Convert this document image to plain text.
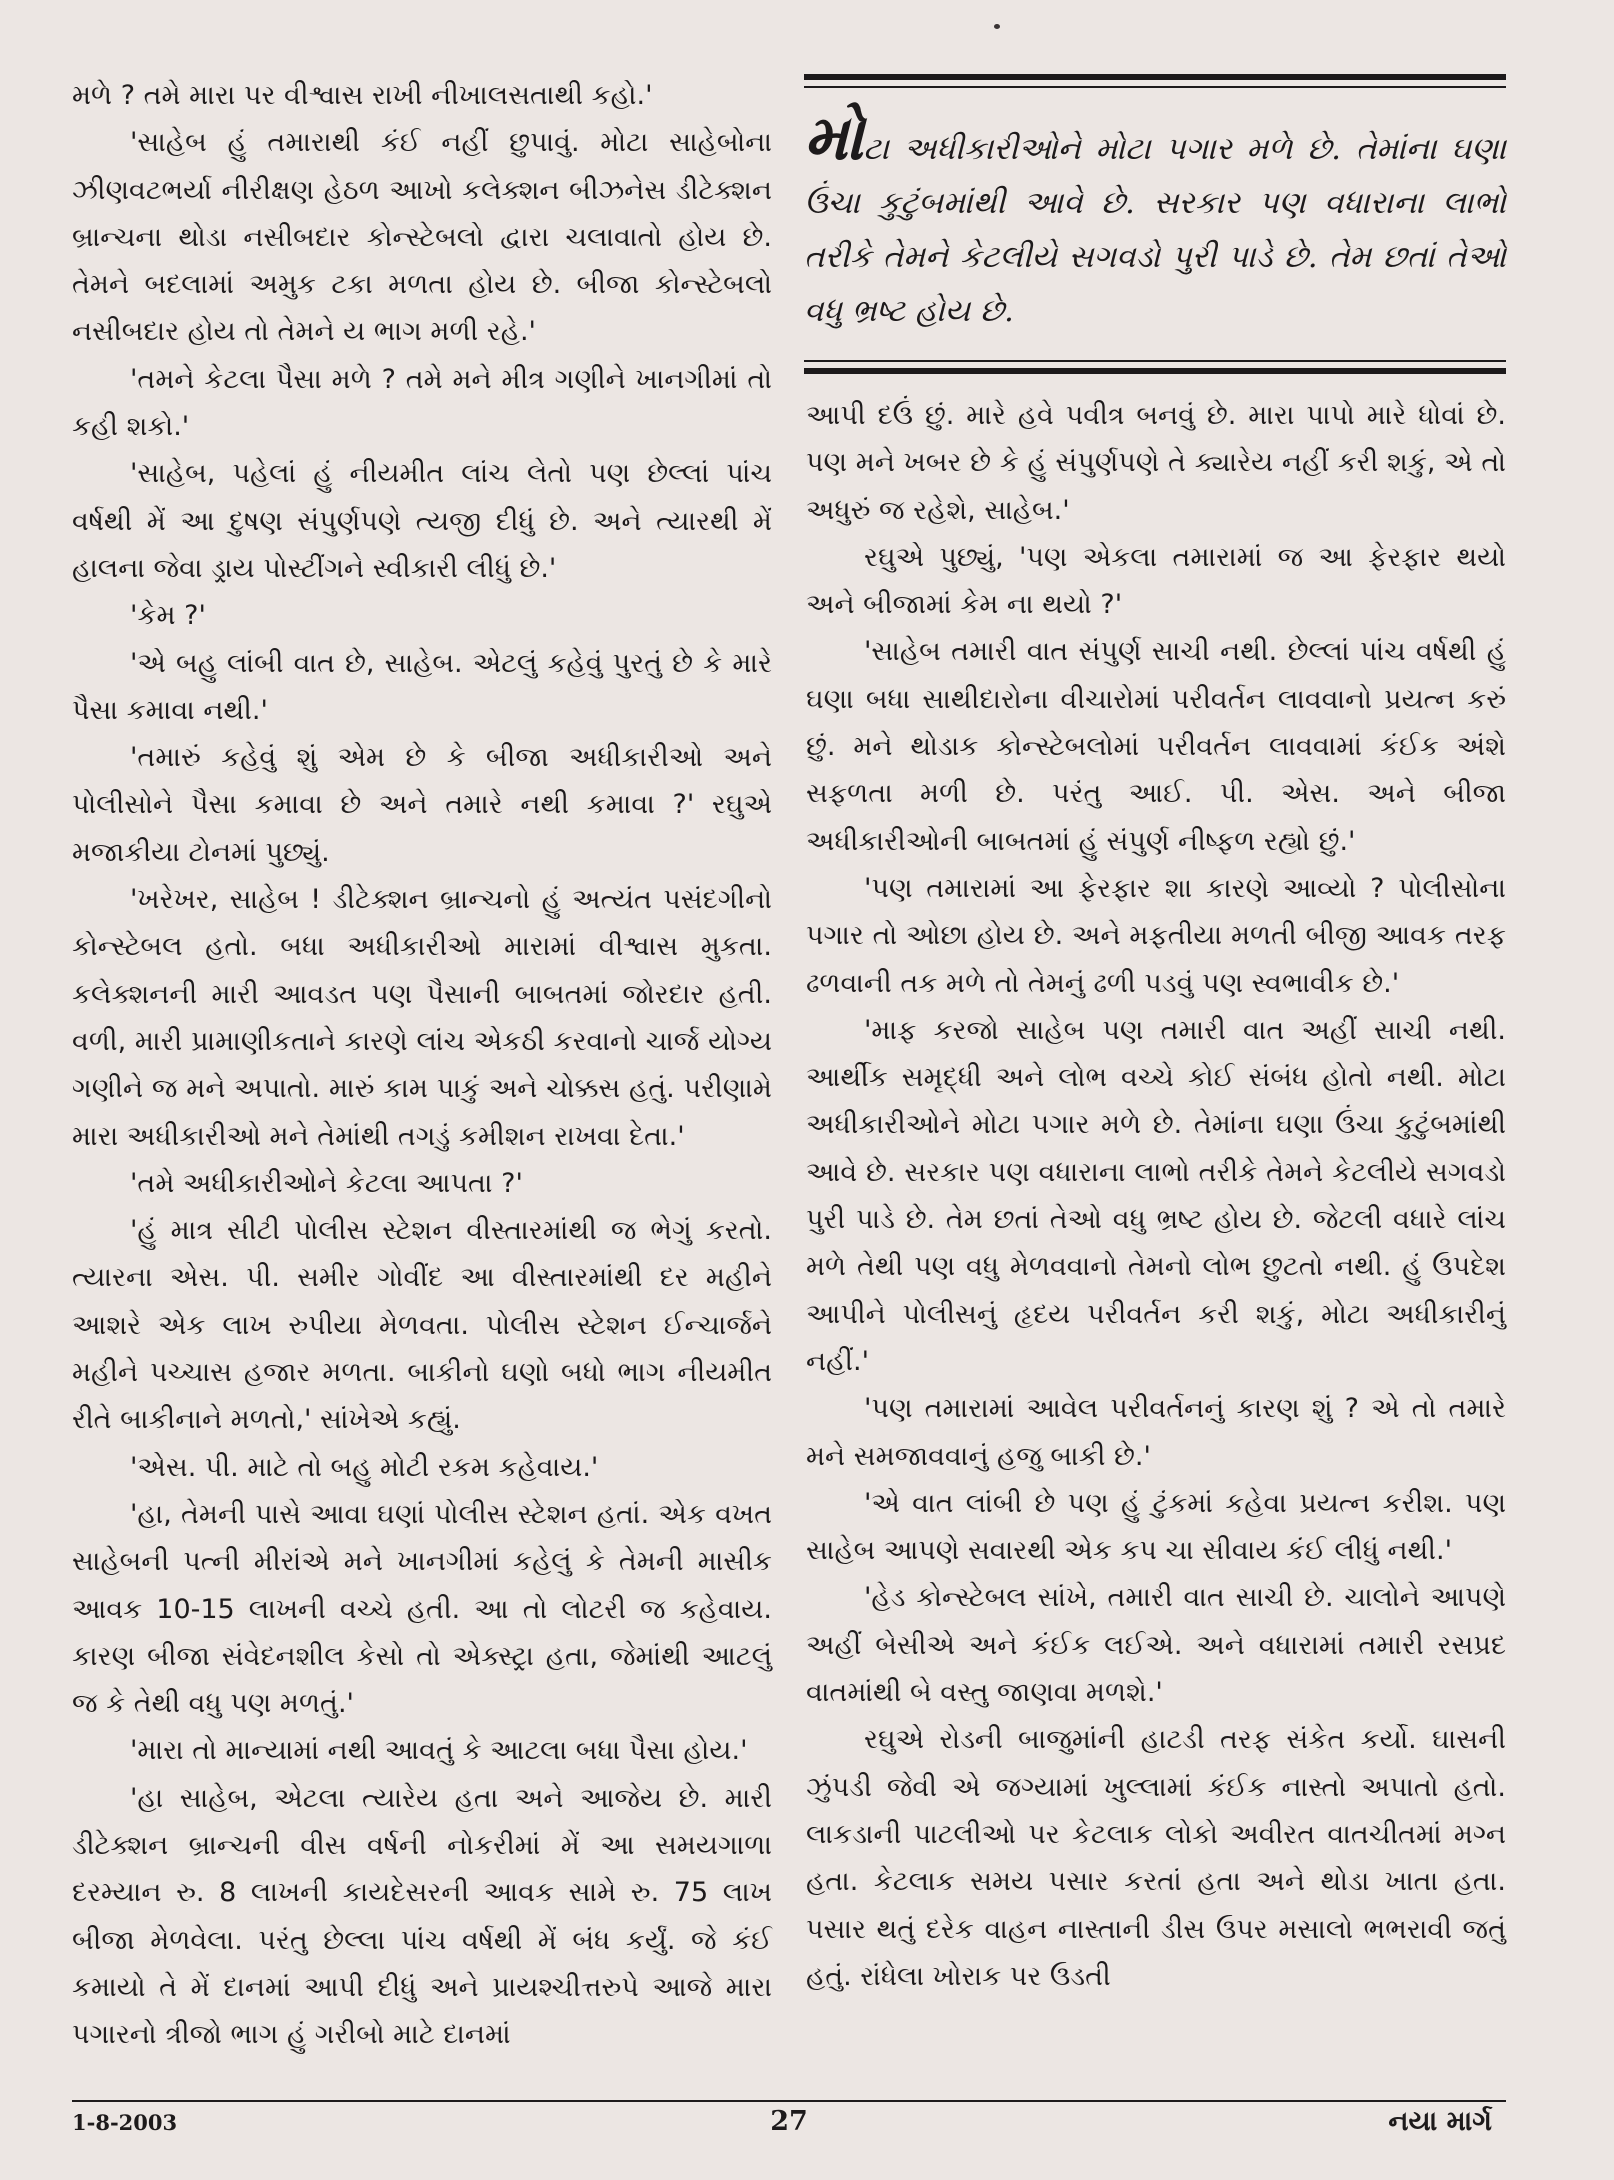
મળે ? તમે મારા પર વીશ્વાસ રાખી નીખાલસતાથી કહો.'

'સાહેબ હું તમારાથી કંઈ નહીં છુપાવું. મોટા સાહેબોના ઝીણવટભર્યા નીરીક્ષણ હેઠળ આખો કલેક્શન બીઝનેસ ડીટેક્શન બ્રાન્ચના થોડા નસીબદાર કોન્સ્ટેબલો દ્વારા ચલાવાતો હોય છે. તેમને બદલામાં અમુક ટકા મળતા હોય છે. બીજા કોન્સ્ટેબલો નસીબદાર હોય તો તેમને ય ભાગ મળી રહે.'

'તમને કેટલા પૈસા મળે ? તમે મને મીત્ર ગણીને ખાનગીમાં તો કહી શકો.'

'સાહેબ, પહેલાં હું નીયમીત લાંચ લેતો પણ છેલ્લાં પાંચ વર્ષથી મેં આ દુષણ સંપુર્ણપણે ત્યજી દીધું છે. અને ત્યારથી મેં હાલના જેવા ડ્રાય પોસ્ટીંગને સ્વીકારી લીધું છે.'

'કેમ ?'

'એ બહુ લાંબી વાત છે, સાહેબ. એટલું કહેવું પુરતું છે કે મારે પૈસા કમાવા નથી.'

'તમારું કહેવું શું એમ છે કે બીજા અધીકારીઓ અને પોલીસોને પૈસા કમાવા છે અને તમારે નથી કમાવા ?' રઘુએ મજાકીયા ટોનમાં પુછ્યું.

'ખરેખર, સાહેબ ! ડીટેક્શન બ્રાન્ચનો હું અત્યંત પસંદગીનો કોન્સ્ટેબલ હતો. બધા અધીકારીઓ મારામાં વીશ્વાસ મુકતા. કલેક્શનની મારી આવડત પણ પૈસાની બાબતમાં જોરદાર હતી. વળી, મારી પ્રામાણીકતાને કારણે લાંચ એકઠી કરવાનો ચાર્જ યોગ્ય ગણીને જ મને અપાતો. મારું કામ પાકું અને ચોક્કસ હતું. પરીણામે મારા અધીકારીઓ મને તેમાંથી તગડું કમીશન રાખવા દેતા.'

'તમે અધીકારીઓને કેટલા આપતા ?'

'હું માત્ર સીટી પોલીસ સ્ટેશન વીસ્તારમાંથી જ ભેગું કરતો. ત્યારના એસ. પી. સમીર ગોવીંદ આ વીસ્તારમાંથી દર મહીને આશરે એક લાખ રુપીયા મેળવતા. પોલીસ સ્ટેશન ઈન્ચાર્જને મહીને પચ્ચાસ હજાર મળતા. બાકીનો ઘણો બધો ભાગ નીયમીત રીતે બાકીનાને મળતો,' સાંખેએ કહ્યું.

'એસ. પી. માટે તો બહુ મોટી રકમ કહેવાય.'

'હા, તેમની પાસે આવા ઘણાં પોલીસ સ્ટેશન હતાં. એક વખત સાહેબની પત્ની મીરાંએ મને ખાનગીમાં કહેલું કે તેમની માસીક આવક 10-15 લાખની વચ્ચે હતી. આ તો લોટરી જ કહેવાય. કારણ બીજા સંવેદનશીલ કેસો તો એક્સ્ટ્રા હતા, જેમાંથી આટલું જ કે તેથી વધુ પણ મળતું.'

'મારા તો માન્યામાં નથી આવતું કે આટલા બધા પૈસા હોય.'

'હા સાહેબ, એટલા ત્યારેય હતા અને આજેય છે. મારી ડીટેક્શન બ્રાન્ચની વીસ વર્ષની નોકરીમાં મેં આ સમયગાળા દરમ્યાન રુ. 8 લાખની કાયદેસરની આવક સામે રુ. 75 લાખ બીજા મેળવેલા. પરંતુ છેલ્લા પાંચ વર્ષથી મેં બંધ કર્યું. જે કંઈ કમાયો તે મેં દાનમાં આપી દીધું અને પ્રાયશ્ચીત્તરુપે આજે મારા પગારનો ત્રીજો ભાગ હું ગરીબો માટે દાનમાં

મોટા અધીકારીઓને મોટા પગાર મળે છે. તેમાંના ઘણા ઉંચા કુટુંબમાંથી આવે છે. સરકાર પણ વધારાના લાભો તરીકે તેમને કેટલીયે સગવડો પુરી પાડે છે. તેમ છતાં તેઓ વધુ ભ્રષ્ટ હોય છે.

આપી દઉં છું. મારે હવે પવીત્ર બનવું છે. મારા પાપો મારે ધોવાં છે. પણ મને ખબર છે કે હું સંપુર્ણપણે તે ક્યારેય નહીં કરી શકું, એ તો અધુરું જ રહેશે, સાહેબ.'

રઘુએ પુછ્યું, 'પણ એકલા તમારામાં જ આ ફેરફાર થયો અને બીજામાં કેમ ના થયો ?'

'સાહેબ તમારી વાત સંપુર્ણ સાચી નથી. છેલ્લાં પાંચ વર્ષથી હું ઘણા બધા સાથીદારોના વીચારોમાં પરીવર્તન લાવવાનો પ્રયત્ન કરું છું. મને થોડાક કોન્સ્ટેબલોમાં પરીવર્તન લાવવામાં કંઈક અંશે સફળતા મળી છે. પરંતુ આઈ. પી. એસ. અને બીજા અધીકારીઓની બાબતમાં હું સંપુર્ણ નીષ્ફળ રહ્યો છું.'

'પણ તમારામાં આ ફેરફાર શા કારણે આવ્યો ? પોલીસોના પગાર તો ઓછા હોય છે. અને મફતીયા મળતી બીજી આવક તરફ ઢળવાની તક મળે તો તેમનું ઢળી પડવું પણ સ્વભાવીક છે.'

'માફ કરજો સાહેબ પણ તમારી વાત અહીં સાચી નથી. આર્થીક સમૃદ્ધી અને લોભ વચ્ચે કોઈ સંબંધ હોતો નથી. મોટા અધીકારીઓને મોટા પગાર મળે છે. તેમાંના ઘણા ઉંચા કુટુંબમાંથી આવે છે. સરકાર પણ વધારાના લાભો તરીકે તેમને કેટલીયે સગવડો પુરી પાડે છે. તેમ છતાં તેઓ વધુ ભ્રષ્ટ હોય છે. જેટલી વધારે લાંચ મળે તેથી પણ વધુ મેળવવાનો તેમનો લોભ છુટતો નથી. હું ઉપદેશ આપીને પોલીસનું હૃદય પરીવર્તન કરી શકું, મોટા અધીકારીનું નહીં.'

'પણ તમારામાં આવેલ પરીવર્તનનું કારણ શું ? એ તો તમારે મને સમજાવવાનું હજુ બાકી છે.'

'એ વાત લાંબી છે પણ હું ટુંકમાં કહેવા પ્રયત્ન કરીશ. પણ સાહેબ આપણે સવારથી એક કપ ચા સીવાય કંઈ લીધું નથી.'

'હેડ કોન્સ્ટેબલ સાંખે, તમારી વાત સાચી છે. ચાલોને આપણે અહીં બેસીએ અને કંઈક લઈએ. અને વધારામાં તમારી રસપ્રદ વાતમાંથી બે વસ્તુ જાણવા મળશે.'

રઘુએ રોડની બાજુમાંની હાટડી તરફ સંકેત કર્યો. ઘાસની ઝુંપડી જેવી એ જગ્યામાં ખુલ્લામાં કંઈક નાસ્તો અપાતો હતો. લાકડાની પાટલીઓ પર કેટલાક લોકો અવીરત વાતચીતમાં મગ્ન હતા. કેટલાક સમય પસાર કરતાં હતા અને થોડા ખાતા હતા. પસાર થતું દરેક વાહન નાસ્તાની ડીસ ઉપર મસાલો ભભરાવી જતું હતું. રાંધેલા ખોરાક પર ઉડતી

1-8-2003	27	નયા માર્ગ
